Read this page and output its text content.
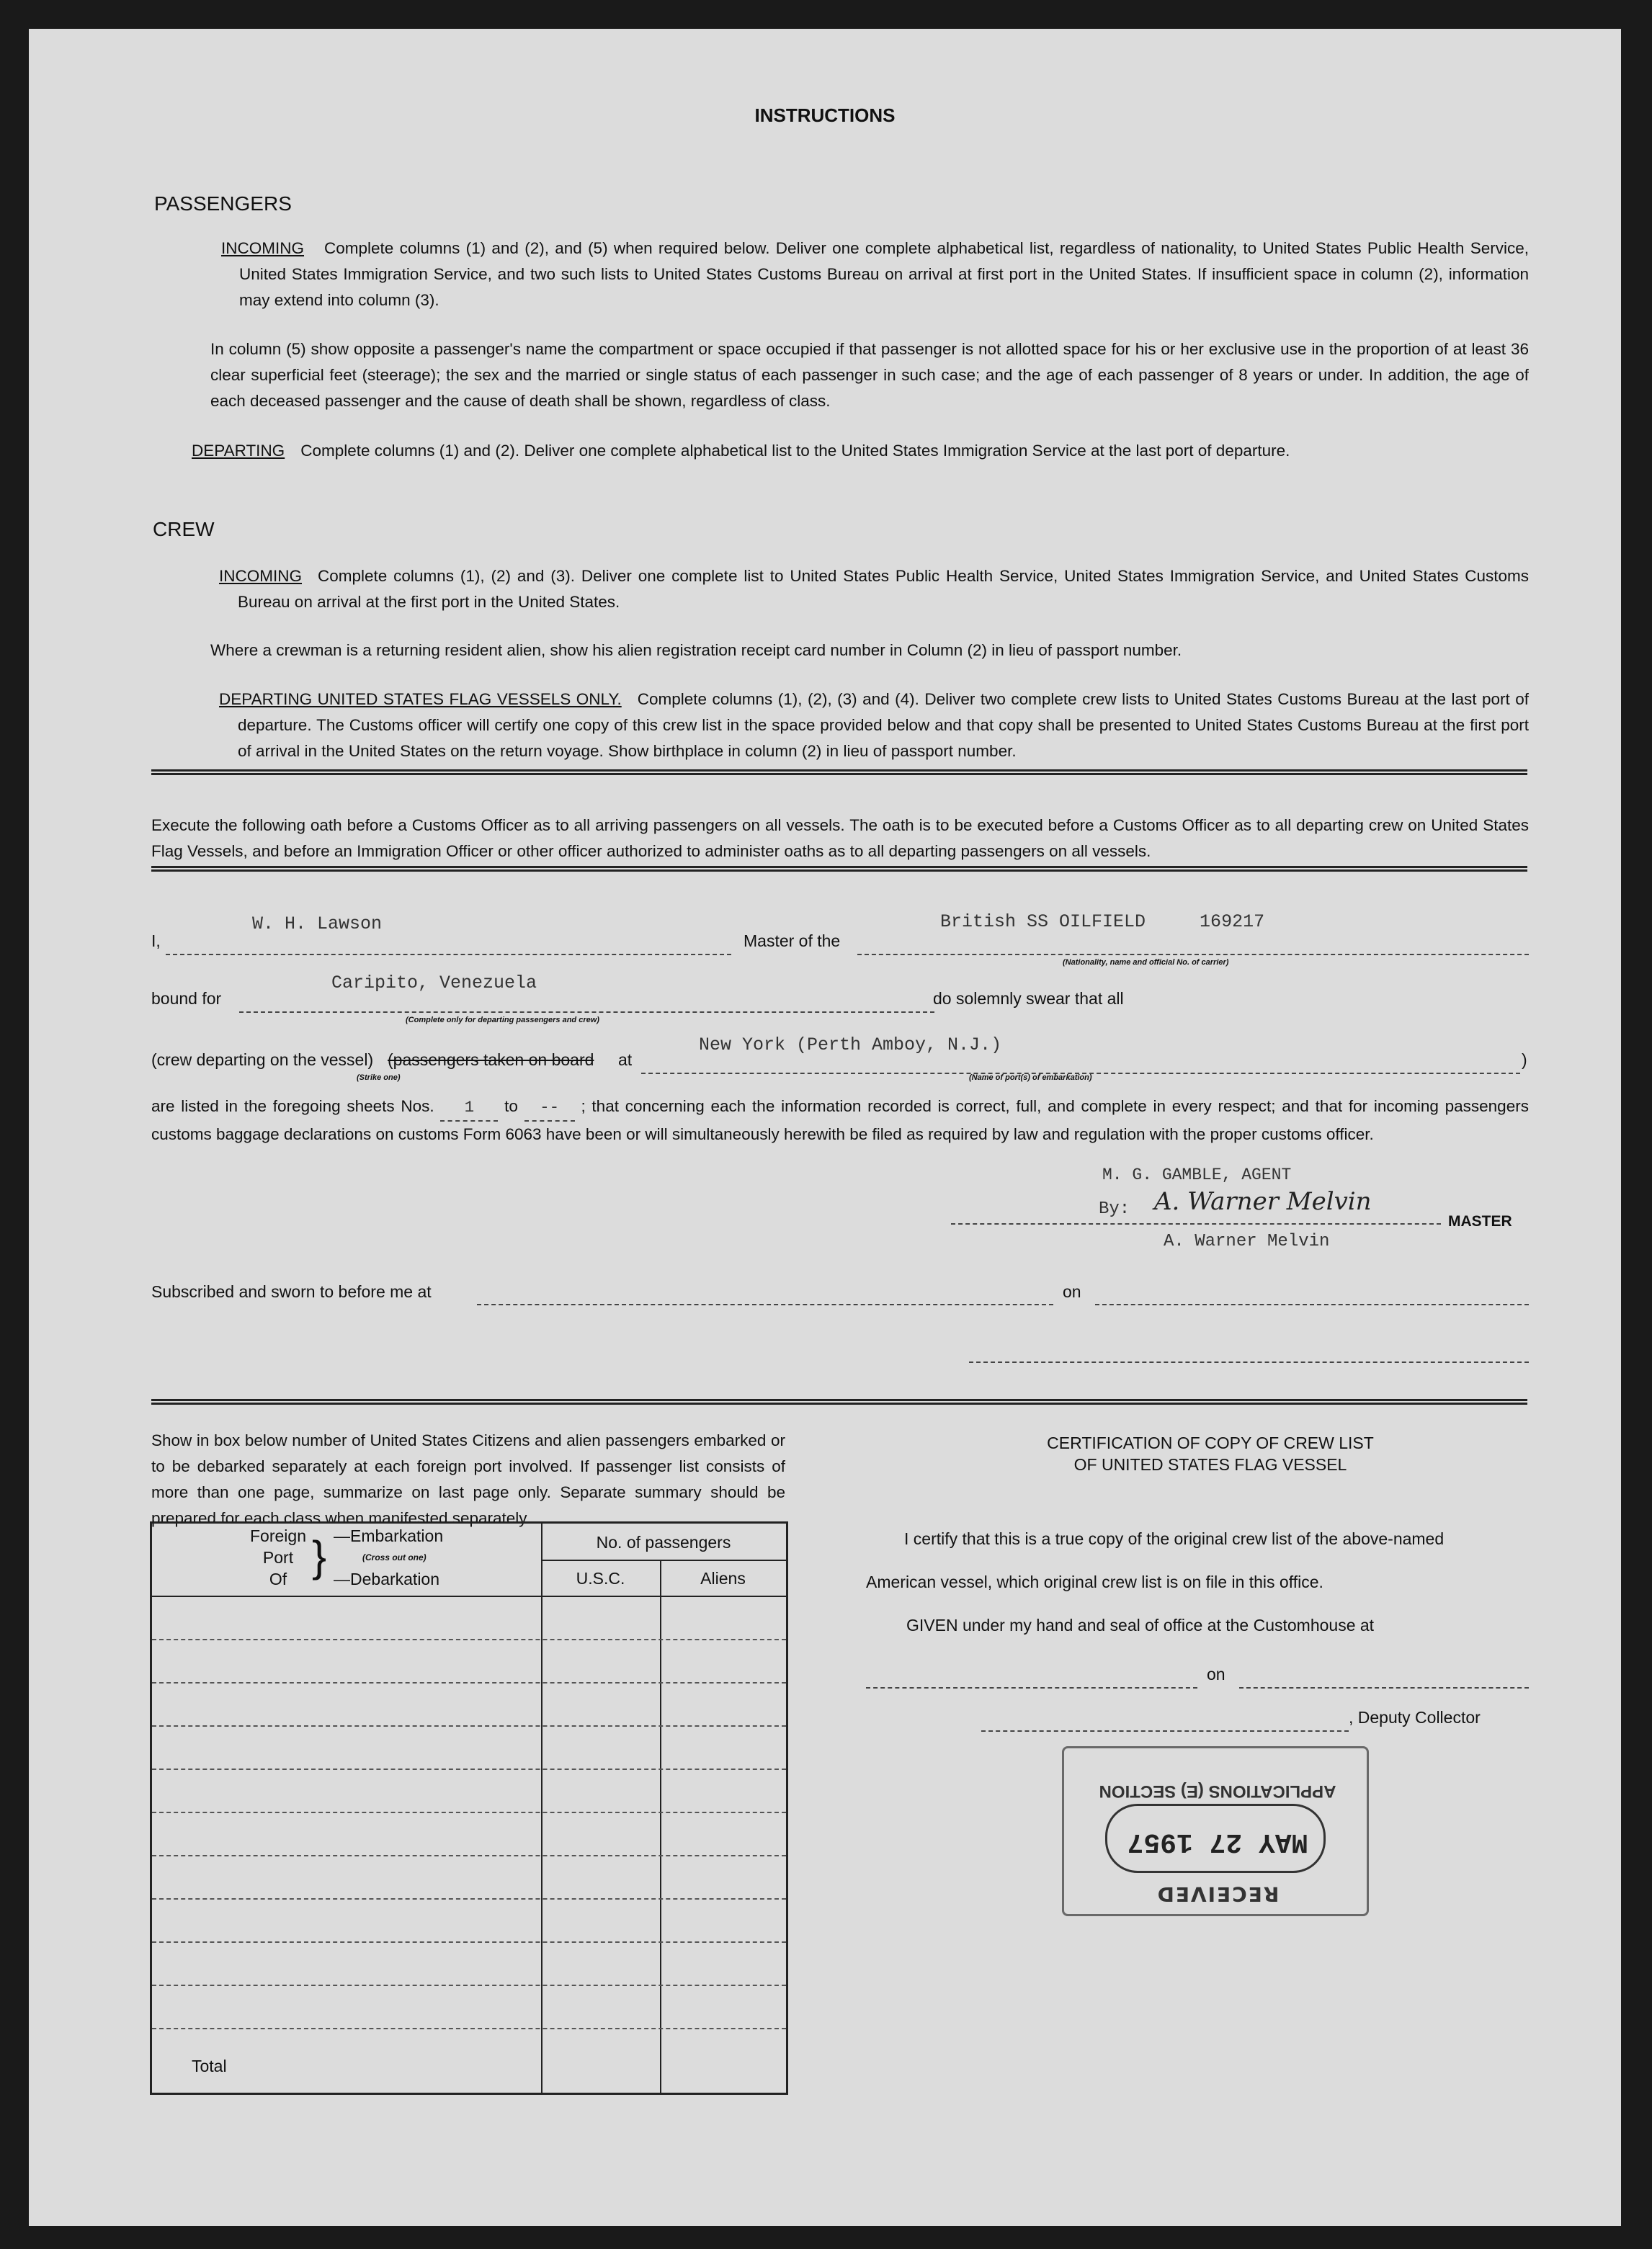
INSTRUCTIONS
PASSENGERS
INCOMING Complete columns (1) and (2), and (5) when required below. Deliver one complete alphabetical list, regardless of nationality, to United States Public Health Service, United States Immigration Service, and two such lists to United States Customs Bureau on arrival at first port in the United States. If insufficient space in column (2), information may extend into column (3).
In column (5) show opposite a passenger's name the compartment or space occupied if that passenger is not allotted space for his or her exclusive use in the proportion of at least 36 clear superficial feet (steerage); the sex and the married or single status of each passenger in such case; and the age of each passenger of 8 years or under. In addition, the age of each deceased passenger and the cause of death shall be shown, regardless of class.
DEPARTING Complete columns (1) and (2). Deliver one complete alphabetical list to the United States Immigration Service at the last port of departure.
CREW
INCOMING Complete columns (1), (2) and (3). Deliver one complete list to United States Public Health Service, United States Immigration Service, and United States Customs Bureau on arrival at the first port in the United States.
Where a crewman is a returning resident alien, show his alien registration receipt card number in Column (2) in lieu of passport number.
DEPARTING UNITED STATES FLAG VESSELS ONLY. Complete columns (1), (2), (3) and (4). Deliver two complete crew lists to United States Customs Bureau at the last port of departure. The Customs officer will certify one copy of this crew list in the space provided below and that copy shall be presented to United States Customs Bureau at the first port of arrival in the United States on the return voyage. Show birthplace in column (2) in lieu of passport number.
Execute the following oath before a Customs Officer as to all arriving passengers on all vessels. The oath is to be executed before a Customs Officer as to all departing crew on United States Flag Vessels, and before an Immigration Officer or other officer authorized to administer oaths as to all departing passengers on all vessels.
I,
W. H. Lawson
Master of the
British SS OILFIELD     169217
(Nationality, name and official No. of carrier)
bound for
Caripito, Venezuela
(Complete only for departing passengers and crew)
do solemnly swear that all
(crew departing on the vessel) (passengers taken on board
(Strike one)
at
New York (Perth Amboy, N.J.)
(Name of port(s) of embarkation)
)
are listed in the foregoing sheets Nos. 1 to -- ; that concerning each the information recorded is correct, full, and complete in every respect; and that for incoming passengers customs baggage declarations on customs Form 6063 have been or will simultaneously herewith be filed as required by law and regulation with the proper customs officer.
M. G. GAMBLE, AGENT
By: A. Warner Melvin
MASTER
A. Warner Melvin
Subscribed and sworn to before me at	on
Show in box below number of United States Citizens and alien passengers embarked or to be debarked separately at each foreign port involved. If passenger list consists of more than one page, summarize on last page only. Separate summary should be prepared for each class when manifested separately.
Foreign
Port
Of } —Embarkation
(Cross out one)
—Debarkation
No. of passengers
U.S.C.	Aliens
Total
CERTIFICATION OF COPY OF CREW LIST
OF UNITED STATES FLAG VESSEL
I certify that this is a true copy of the original crew list of the above-named
American vessel, which original crew list is on file in this office.
GIVEN under my hand and seal of office at the Customhouse at
on
, Deputy Collector
RECEIVED
MAY 27 1957
APPLICATIONS (E) SECTION
